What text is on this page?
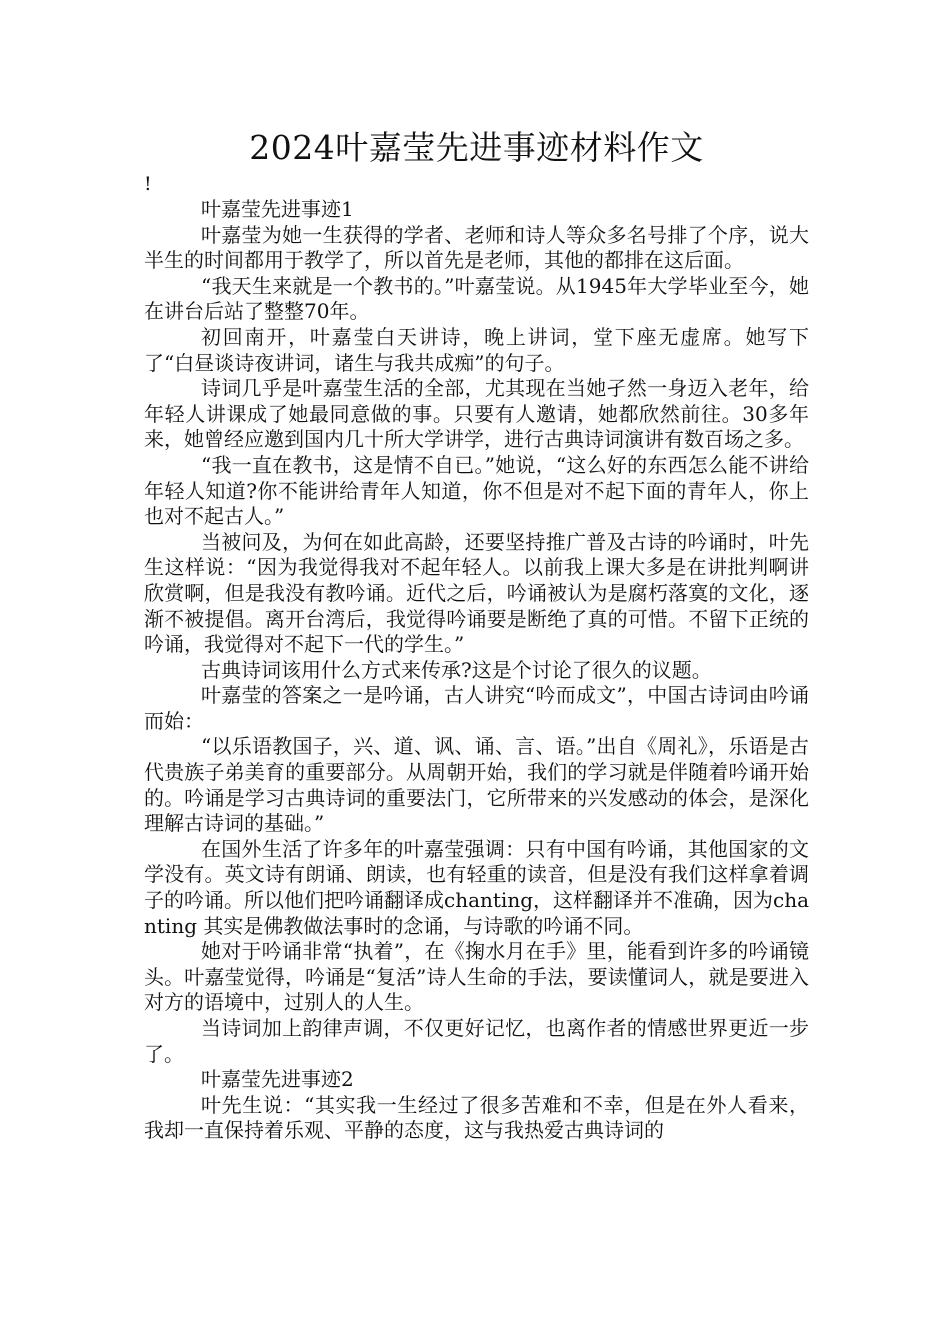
2024叶嘉莹先进事迹材料作文

!

叶嘉莹先进事迹1

叶嘉莹为她一生获得的学者、老师和诗人等众多名号排了个序，说大半生的时间都用于教学了，所以首先是老师，其他的都排在这后面。

“我天生来就是一个教书的。”叶嘉莹说。从1945年大学毕业至今，她在讲台后站了整整70年。

初回南开，叶嘉莹白天讲诗，晚上讲词，堂下座无虚席。她写下了“白昼谈诗夜讲词，诸生与我共成痴”的句子。

诗词几乎是叶嘉莹生活的全部，尤其现在当她孑然一身迈入老年，给年轻人讲课成了她最同意做的事。只要有人邀请，她都欣然前往。30多年来，她曾经应邀到国内几十所大学讲学，进行古典诗词演讲有数百场之多。

“我一直在教书，这是情不自已。”她说，“这么好的东西怎么能不讲给年轻人知道?你不能讲给青年人知道，你不但是对不起下面的青年人，你上也对不起古人。”

当被问及，为何在如此高龄，还要坚持推广普及古诗的吟诵时，叶先生这样说：“因为我觉得我对不起年轻人。以前我上课大多是在讲批判啊讲欣赏啊，但是我没有教吟诵。近代之后，吟诵被认为是腐朽落寞的文化，逐渐不被提倡。离开台湾后，我觉得吟诵要是断绝了真的可惜。不留下正统的吟诵，我觉得对不起下一代的学生。”

古典诗词该用什么方式来传承?这是个讨论了很久的议题。

叶嘉莹的答案之一是吟诵，古人讲究“吟而成文”，中国古诗词由吟诵而始：

“以乐语教国子，兴、道、讽、诵、言、语。”出自《周礼》，乐语是古代贵族子弟美育的重要部分。从周朝开始，我们的学习就是伴随着吟诵开始的。吟诵是学习古典诗词的重要法门，它所带来的兴发感动的体会，是深化理解古诗词的基础。”

在国外生活了许多年的叶嘉莹强调：只有中国有吟诵，其他国家的文学没有。英文诗有朗诵、朗读，也有轻重的读音，但是没有我们这样拿着调子的吟诵。所以他们把吟诵翻译成chanting，这样翻译并不准确，因为chanting 其实是佛教做法事时的念诵，与诗歌的吟诵不同。

她对于吟诵非常“执着”，在《掬水月在手》里，能看到许多的吟诵镜头。叶嘉莹觉得，吟诵是“复活”诗人生命的手法，要读懂词人，就是要进入对方的语境中，过别人的人生。

当诗词加上韵律声调，不仅更好记忆，也离作者的情感世界更近一步了。

叶嘉莹先进事迹2

叶先生说：“其实我一生经过了很多苦难和不幸，但是在外人看来，我却一直保持着乐观、平静的态度，这与我热爱古典诗词的
